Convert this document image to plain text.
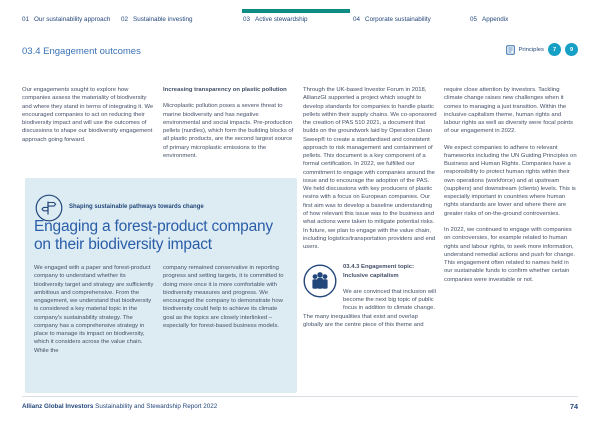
01 Our sustainability approach 02 Sustainable investing	03 Active stewardship	04 Corporate sustainability	05 Appendix
03.4 Engagement outcomes	Principles	7	9

Our engagements sought to explore how companies assess the materiality of biodiversity and where they stand in terms of integrating it. We encouraged companies to act on reducing their biodiversity impact and will use the outcomes of discussions to shape our biodiversity engagement approach going forward.

Increasing transparency on plastic pollution

Microplastic pollution poses a severe threat to marine biodiversity and has negative environmental and social impacts. Pre-production pellets (nurdles), which form the building blocks of all plastic products, are the second largest source of primary microplastic emissions to the environment.

Through the UK-based Investor Forum in 2018, AllianzGI supported a project which sought to develop standards for companies to handle plastic pellets within their supply chains. We co-sponsored the creation of PAS 510 2021, a document that builds on the groundwork laid by Operation Clean Sweep® to create a standardised and consistent approach to risk management and containment of pellets. This document is a key component of a formal certification. In 2022, we fulfilled our commitment to engage with companies around the issue and to encourage the adoption of the PAS. We held discussions with key producers of plastic resins with a focus on European companies. Our first aim was to develop a baseline understanding of how relevant this issue was to the business and what actions were taken to mitigate potential risks. In future, we plan to engage with the value chain, including logistics/transportation providers and end users.

03.4.3 Engagement topic: Inclusive capitalism

We are convinced that inclusion will become the next big topic of public focus in addition to climate change. The many inequalities that exist and overlap globally are the centre piece of this theme and

require close attention by investors. Tackling climate change raises new challenges when it comes to managing a just transition. Within the inclusive capitalism theme, human rights and labour rights as well as diversity were focal points of our engagement in 2022.

We expect companies to adhere to relevant frameworks including the UN Guiding Principles on Business and Human Rights. Companies have a responsibility to protect human rights within their own operations (workforce) and at upstream (suppliers) and downstream (clients) levels. This is especially important in countries where human rights standards are lower and where there are greater risks of on-the-ground controversies.

In 2022, we continued to engage with companies on controversies, for example related to human rights and labour rights, to seek more information, understand remedial actions and push for change. This engagement often related to names held in our sustainable funds to confirm whether certain companies were investable or not.

Shaping sustainable pathways towards change
Engaging a forest-product company on their biodiversity impact
We engaged with a paper and forest-product company to understand whether its biodiversity target and strategy are sufficiently ambitious and comprehensive. From the engagement, we understand that biodiversity is considered a key material topic in the company's sustainability strategy. The company has a comprehensive strategy in place to manage its impact on biodiversity, which it considers across the value chain. While the
company remained conservative in reporting progress and setting targets, it is committed to doing more once it is more comfortable with biodiversity measures and progress. We encouraged the company to demonstrate how biodiversity could help to achieve its climate goal as the topics are closely interlinked – especially for forest-based business models.
Allianz Global Investors Sustainability and Stewardship Report 2022	74
